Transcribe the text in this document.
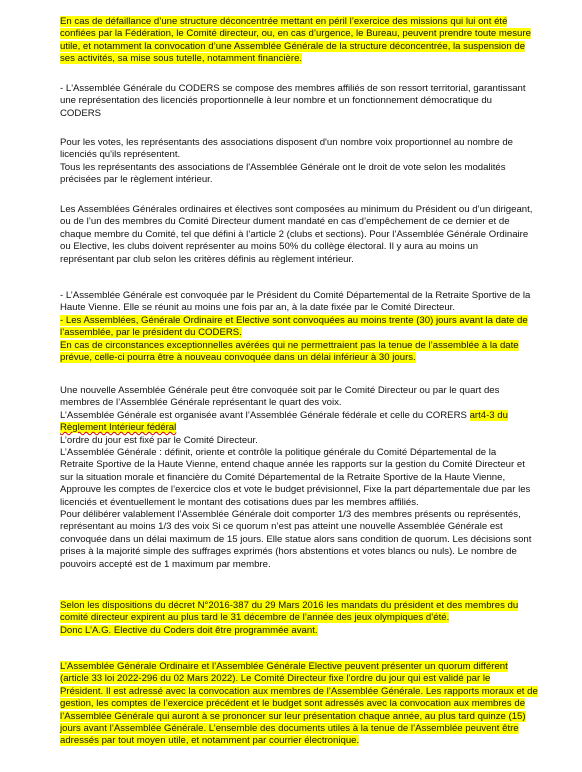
En cas de défaillance d’une structure déconcentrée mettant en péril l’exercice des missions qui lui ont été
confiées par la Fédération, le Comité directeur, ou, en cas d’urgence, le Bureau, peuvent prendre toute mesure
utile, et notamment la convocation d’une Assemblée Générale de la structure déconcentrée, la suspension de
ses activités, sa mise sous tutelle, notamment financière.
- L'Assemblée Générale du CODERS se compose des membres affiliés de son ressort territorial, garantissant
une représentation des licenciés proportionnelle à leur nombre et un fonctionnement démocratique du
CODERS
Pour les votes, les représentants des associations disposent d'un nombre voix proportionnel au nombre de
licenciés qu'ils représentent.
Tous les représentants des associations de l'Assemblée Générale ont le droit de vote selon les modalités
précisées par le règlement intérieur.
Les Assemblées Générales ordinaires et électives sont composées au minimum du Président ou d’un dirigeant,
ou de l’un des membres du Comité Directeur dument mandaté en cas d’empêchement de ce dernier et de
chaque membre du Comité, tel que défini à l’article 2 (clubs et sections). Pour l’Assemblée Générale Ordinaire
ou Elective, les clubs doivent représenter au moins 50% du collège électoral. Il y aura au moins un
représentant par club selon les critères définis au règlement intérieur.
- L’Assemblée Générale est convoquée par le Président du Comité Départemental de la Retraite Sportive de la
Haute Vienne. Elle se réunit au moins une fois par an, à la date fixée par le Comité Directeur.
- Les Assemblées, Générale Ordinaire et Elective sont convoquées au moins trente (30) jours avant la date de
l’assemblée, par le président du CODERS.
En cas de circonstances exceptionnelles avérées qui ne permettraient pas la tenue de l’assemblée à la date
prévue, celle-ci pourra être à nouveau convoquée dans un délai inférieur à 30 jours.
Une nouvelle Assemblée Générale peut être convoquée soit par le Comité Directeur ou par le quart des
membres de l’Assemblée Générale représentant le quart des voix.
L’Assemblée Générale est organisée avant l’Assemblée Générale fédérale et celle du CORERS art4-3 du
Règlement Intérieur fédéral
L’ordre du jour est fixé par le Comité Directeur.
L’Assemblée Générale : définit, oriente et contrôle la politique générale du Comité Départemental de la
Retraite Sportive de la Haute Vienne, entend chaque année les rapports sur la gestion du Comité Directeur et
sur la situation morale et financière du Comité Départemental de la Retraite Sportive de la Haute Vienne,
Approuve les comptes de l’exercice clos et vote le budget prévisionnel, Fixe la part départementale due par les
licenciés et éventuellement le montant des cotisations dues par les membres affiliés.
Pour délibérer valablement l’Assemblée Générale doit comporter 1/3 des membres présents ou représentés,
représentant au moins 1/3 des voix Si ce quorum n’est pas atteint une nouvelle Assemblée Générale est
convoquée dans un délai maximum de 15 jours. Elle statue alors sans condition de quorum. Les décisions sont
prises à la majorité simple des suffrages exprimés (hors abstentions et votes blancs ou nuls). Le nombre de
pouvoirs accepté est de 1 maximum par membre.
Selon les dispositions du décret N°2016-387 du 29 Mars 2016 les mandats du président et des membres du
comité directeur expirent au plus tard le 31 décembre de l’année des jeux olympiques d’été.
Donc L’A.G. Elective du Coders doit être programmée avant.
L’Assemblée Générale Ordinaire et l’Assemblée Générale Elective peuvent présenter un quorum différent
(article 33 loi 2022-296 du 02 Mars 2022). Le Comité Directeur fixe l’ordre du jour qui est validé par le
Président. Il est adressé avec la convocation aux membres de l’Assemblée Générale. Les rapports moraux et de
gestion, les comptes de l’exercice précédent et le budget sont adressés avec la convocation aux membres de
l’Assemblée Générale qui auront à se prononcer sur leur présentation chaque année, au plus tard quinze (15)
jours avant l’Assemblée Générale. L’ensemble des documents utiles à la tenue de l’Assemblée peuvent être
adressés par tout moyen utile, et notamment par courrier électronique.
